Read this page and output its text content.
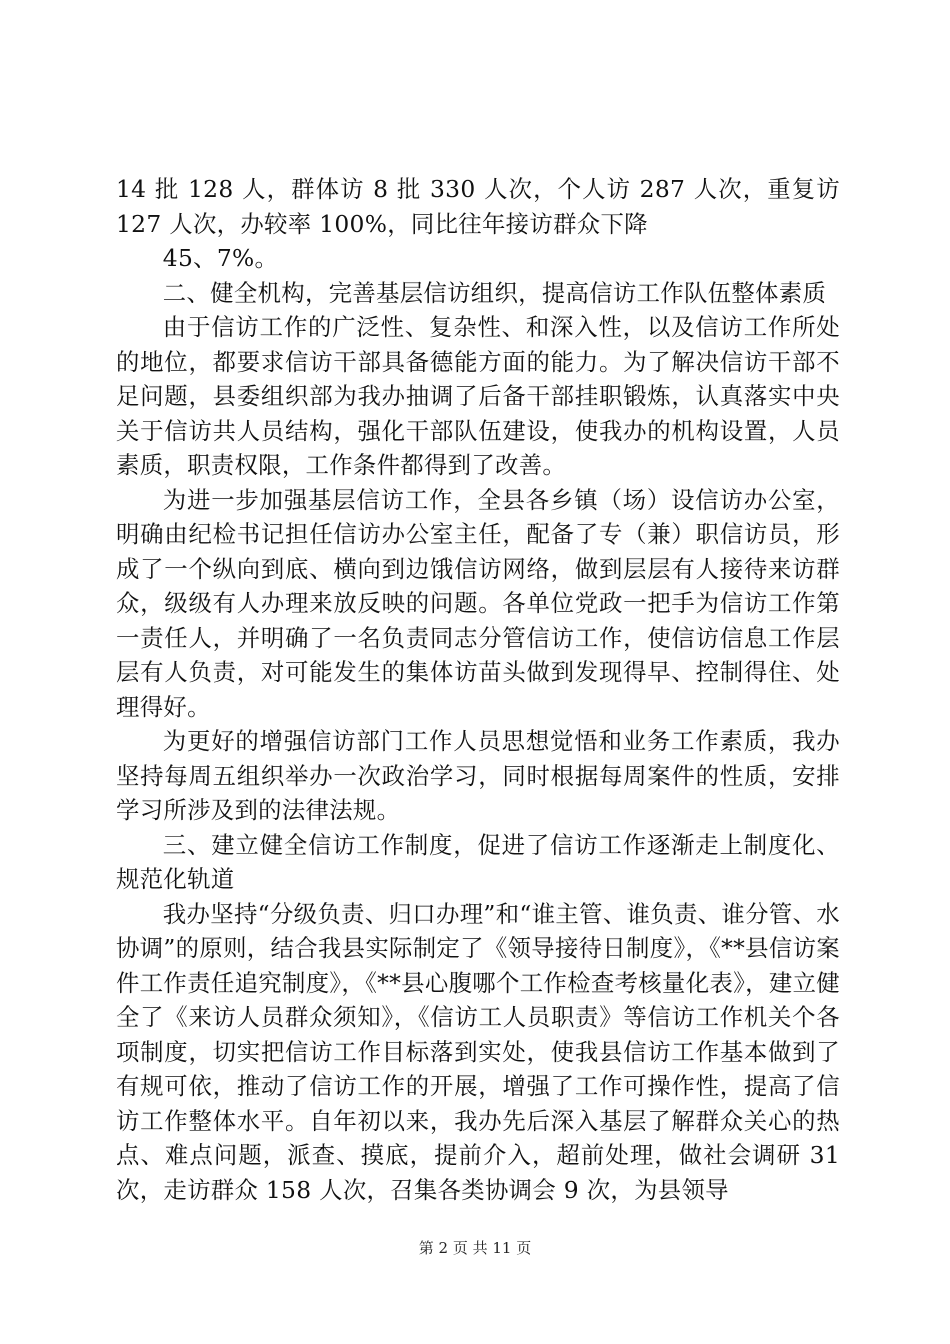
14 批 128 人，群体访 8 批 330 人次，个人访 287 人次，重复访 127 人次，办较率 100%，同比往年接访群众下降

45、7%。

二、健全机构，完善基层信访组织，提高信访工作队伍整体素质

由于信访工作的广泛性、复杂性、和深入性，以及信访工作所处的地位，都要求信访干部具备德能方面的能力。为了解决信访干部不足问题，县委组织部为我办抽调了后备干部挂职锻炼，认真落实中央关于信访共人员结构，强化干部队伍建设，使我办的机构设置，人员素质，职责权限，工作条件都得到了改善。

为进一步加强基层信访工作，全县各乡镇（场）设信访办公室，明确由纪检书记担任信访办公室主任，配备了专（兼）职信访员，形成了一个纵向到底、横向到边饿信访网络，做到层层有人接待来访群众，级级有人办理来放反映的问题。各单位党政一把手为信访工作第一责任人，并明确了一名负责同志分管信访工作，使信访信息工作层层有人负责，对可能发生的集体访苗头做到发现得早、控制得住、处理得好。

为更好的增强信访部门工作人员思想觉悟和业务工作素质，我办坚持每周五组织举办一次政治学习，同时根据每周案件的性质，安排学习所涉及到的法律法规。

三、建立健全信访工作制度，促进了信访工作逐渐走上制度化、规范化轨道

我办坚持“分级负责、归口办理”和“谁主管、谁负责、谁分管、水协调”的原则，结合我县实际制定了《领导接待日制度》，《**县信访案件工作责任追究制度》，《**县心腹哪个工作检查考核量化表》，建立健全了《来访人员群众须知》，《信访工人员职责》等信访工作机关个各项制度，切实把信访工作目标落到实处，使我县信访工作基本做到了有规可依，推动了信访工作的开展，增强了工作可操作性，提高了信访工作整体水平。自年初以来，我办先后深入基层了解群众关心的热点、难点问题，派查、摸底，提前介入，超前处理，做社会调研 31 次，走访群众 158 人次，召集各类协调会 9 次，为县领导

第 2 页 共 11 页
